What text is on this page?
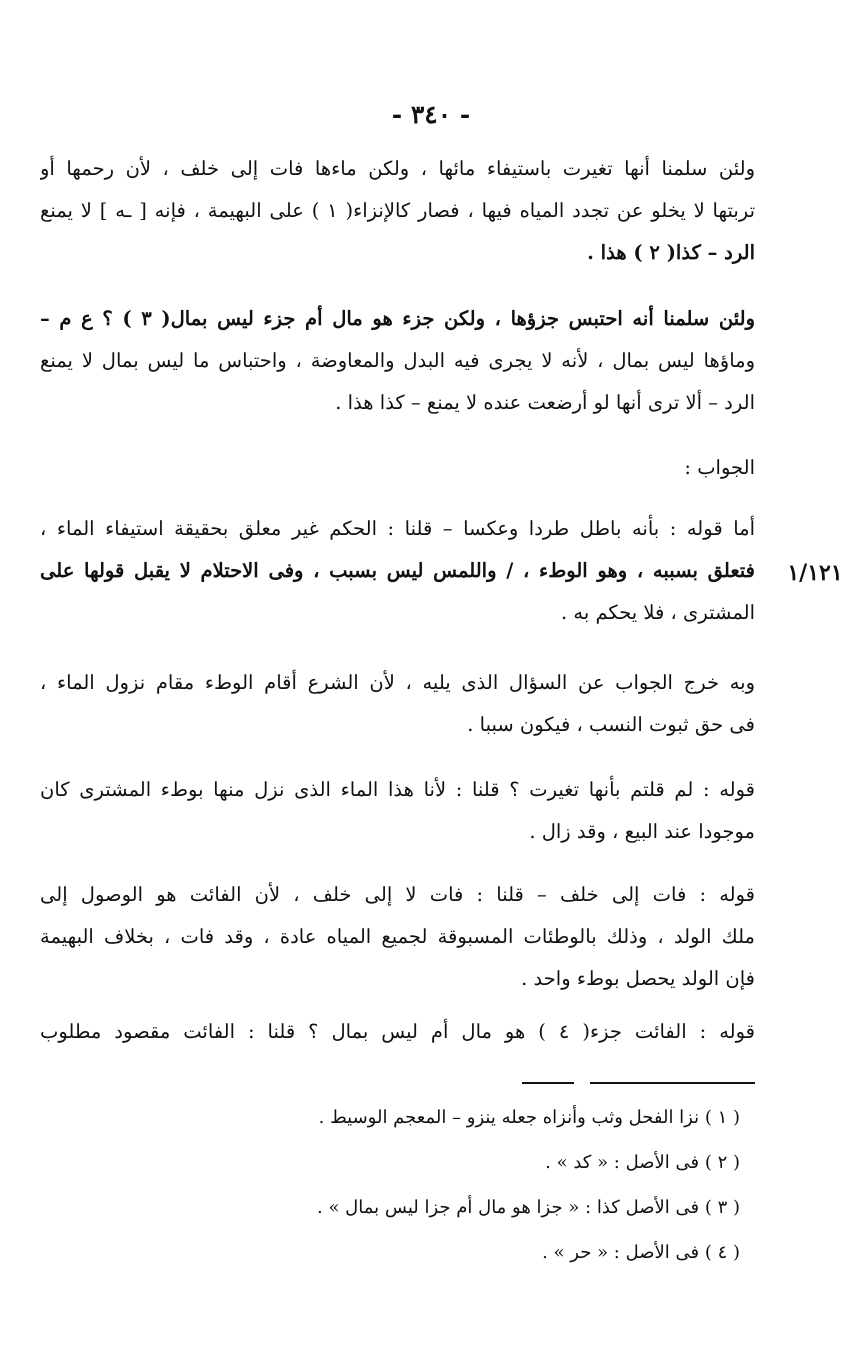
- ٣٤٠ -
١/١٢١
ولئن سلمنا أنها تغيرت باستيفاء مائها ، ولكن ماءها فات إلى خلف ، لأن رحمها أو
تربتها لا يخلو عن تجدد المياه فيها ، فصار كالإنزاء( ١ ) على البهيمة ، فإنه [ ـه ] لا يمنع
الرد – كذا( ٢ ) هذا .
ولئن سلمنا أنه احتبس جزؤها ، ولكن جزء هو مال أم جزء ليس بمال( ٣ ) ؟ ع م –
وماؤها ليس بمال ، لأنه لا يجرى فيه البدل والمعاوضة ، واحتباس ما ليس بمال لا يمنع
الرد – ألا ترى أنها لو أرضعت عنده لا يمنع – كذا هذا .
الجواب :
أما قوله : بأنه باطل طردا وعكسا – قلنا : الحكم غير معلق بحقيقة استيفاء الماء ،
فتعلق بسببه ، وهو الوطء ، / واللمس ليس بسبب ، وفى الاحتلام لا يقبل قولها على
المشترى ، فلا يحكم به .
وبه خرج الجواب عن السؤال الذى يليه ، لأن الشرع أقام الوطء مقام نزول الماء ،
فى حق ثبوت النسب ، فيكون سببا .
قوله : لم قلتم بأنها تغيرت ؟ قلنا : لأنا هذا الماء الذى نزل منها بوطء المشترى كان
موجودا عند البيع ، وقد زال .
قوله : فات إلى خلف – قلنا : فات لا إلى خلف ، لأن الفائت هو الوصول إلى
ملك الولد ، وذلك بالوطئات المسبوقة لجميع المياه عادة ، وقد فات ، بخلاف البهيمة
فإن الولد يحصل بوطء واحد .
قوله : الفائت جزء( ٤ ) هو مال أم ليس بمال ؟ قلنا : الفائت مقصود مطلوب
( ١ ) نزا الفحل وثب وأنزاه جعله ينزو – المعجم الوسيط .
( ٢ ) فى الأصل : « كد » .
( ٣ ) فى الأصل كذا : « جزا هو مال أم جزا ليس بمال » .
( ٤ ) فى الأصل : « حر » .
